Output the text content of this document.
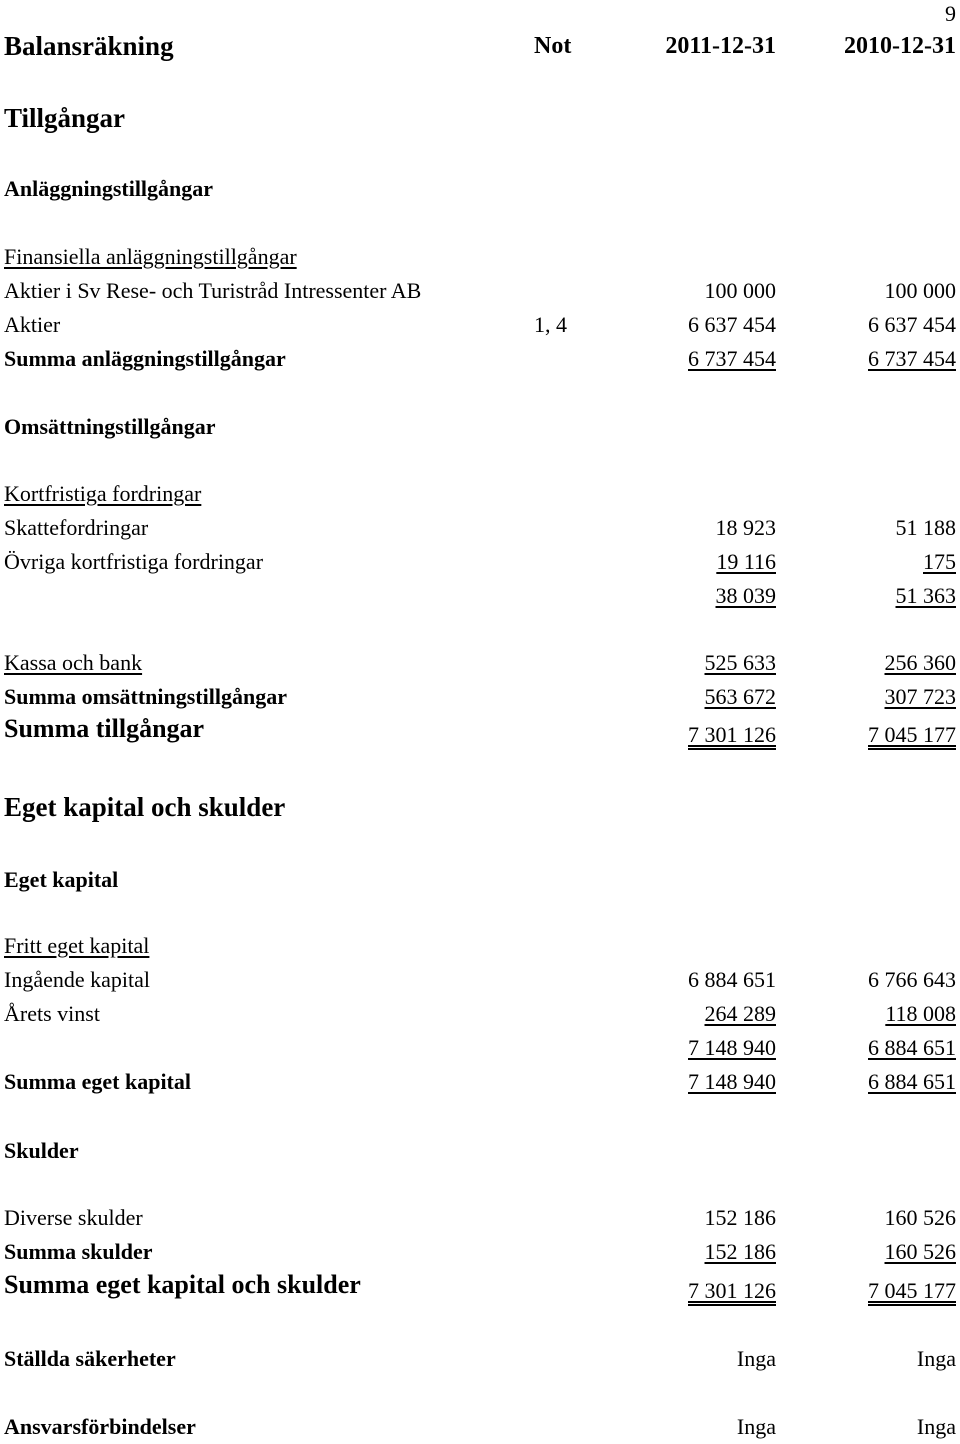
9
Balansräkning	Not	2011-12-31	2010-12-31
Tillgångar
Anläggningstillgångar
Finansiella anläggningstillgångar
Aktier i Sv Rese- och Turistråd Intressenter AB	100 000	100 000
Aktier	1, 4	6 637 454	6 637 454
Summa anläggningstillgångar	6 737 454	6 737 454
Omsättningstillgångar
Kortfristiga fordringar
Skattefordringar	18 923	51 188
Övriga kortfristiga fordringar	19 116	175
38 039	51 363
Kassa och bank	525 633	256 360
Summa omsättningstillgångar	563 672	307 723
Summa tillgångar	7 301 126	7 045 177
Eget kapital och skulder
Eget kapital
Fritt eget kapital
Ingående kapital	6 884 651	6 766 643
Årets vinst	264 289	118 008
7 148 940	6 884 651
Summa eget kapital	7 148 940	6 884 651
Skulder
Diverse skulder	152 186	160 526
Summa skulder	152 186	160 526
Summa eget kapital och skulder	7 301 126	7 045 177
Ställda säkerheter	Inga	Inga
Ansvarsförbindelser	Inga	Inga
